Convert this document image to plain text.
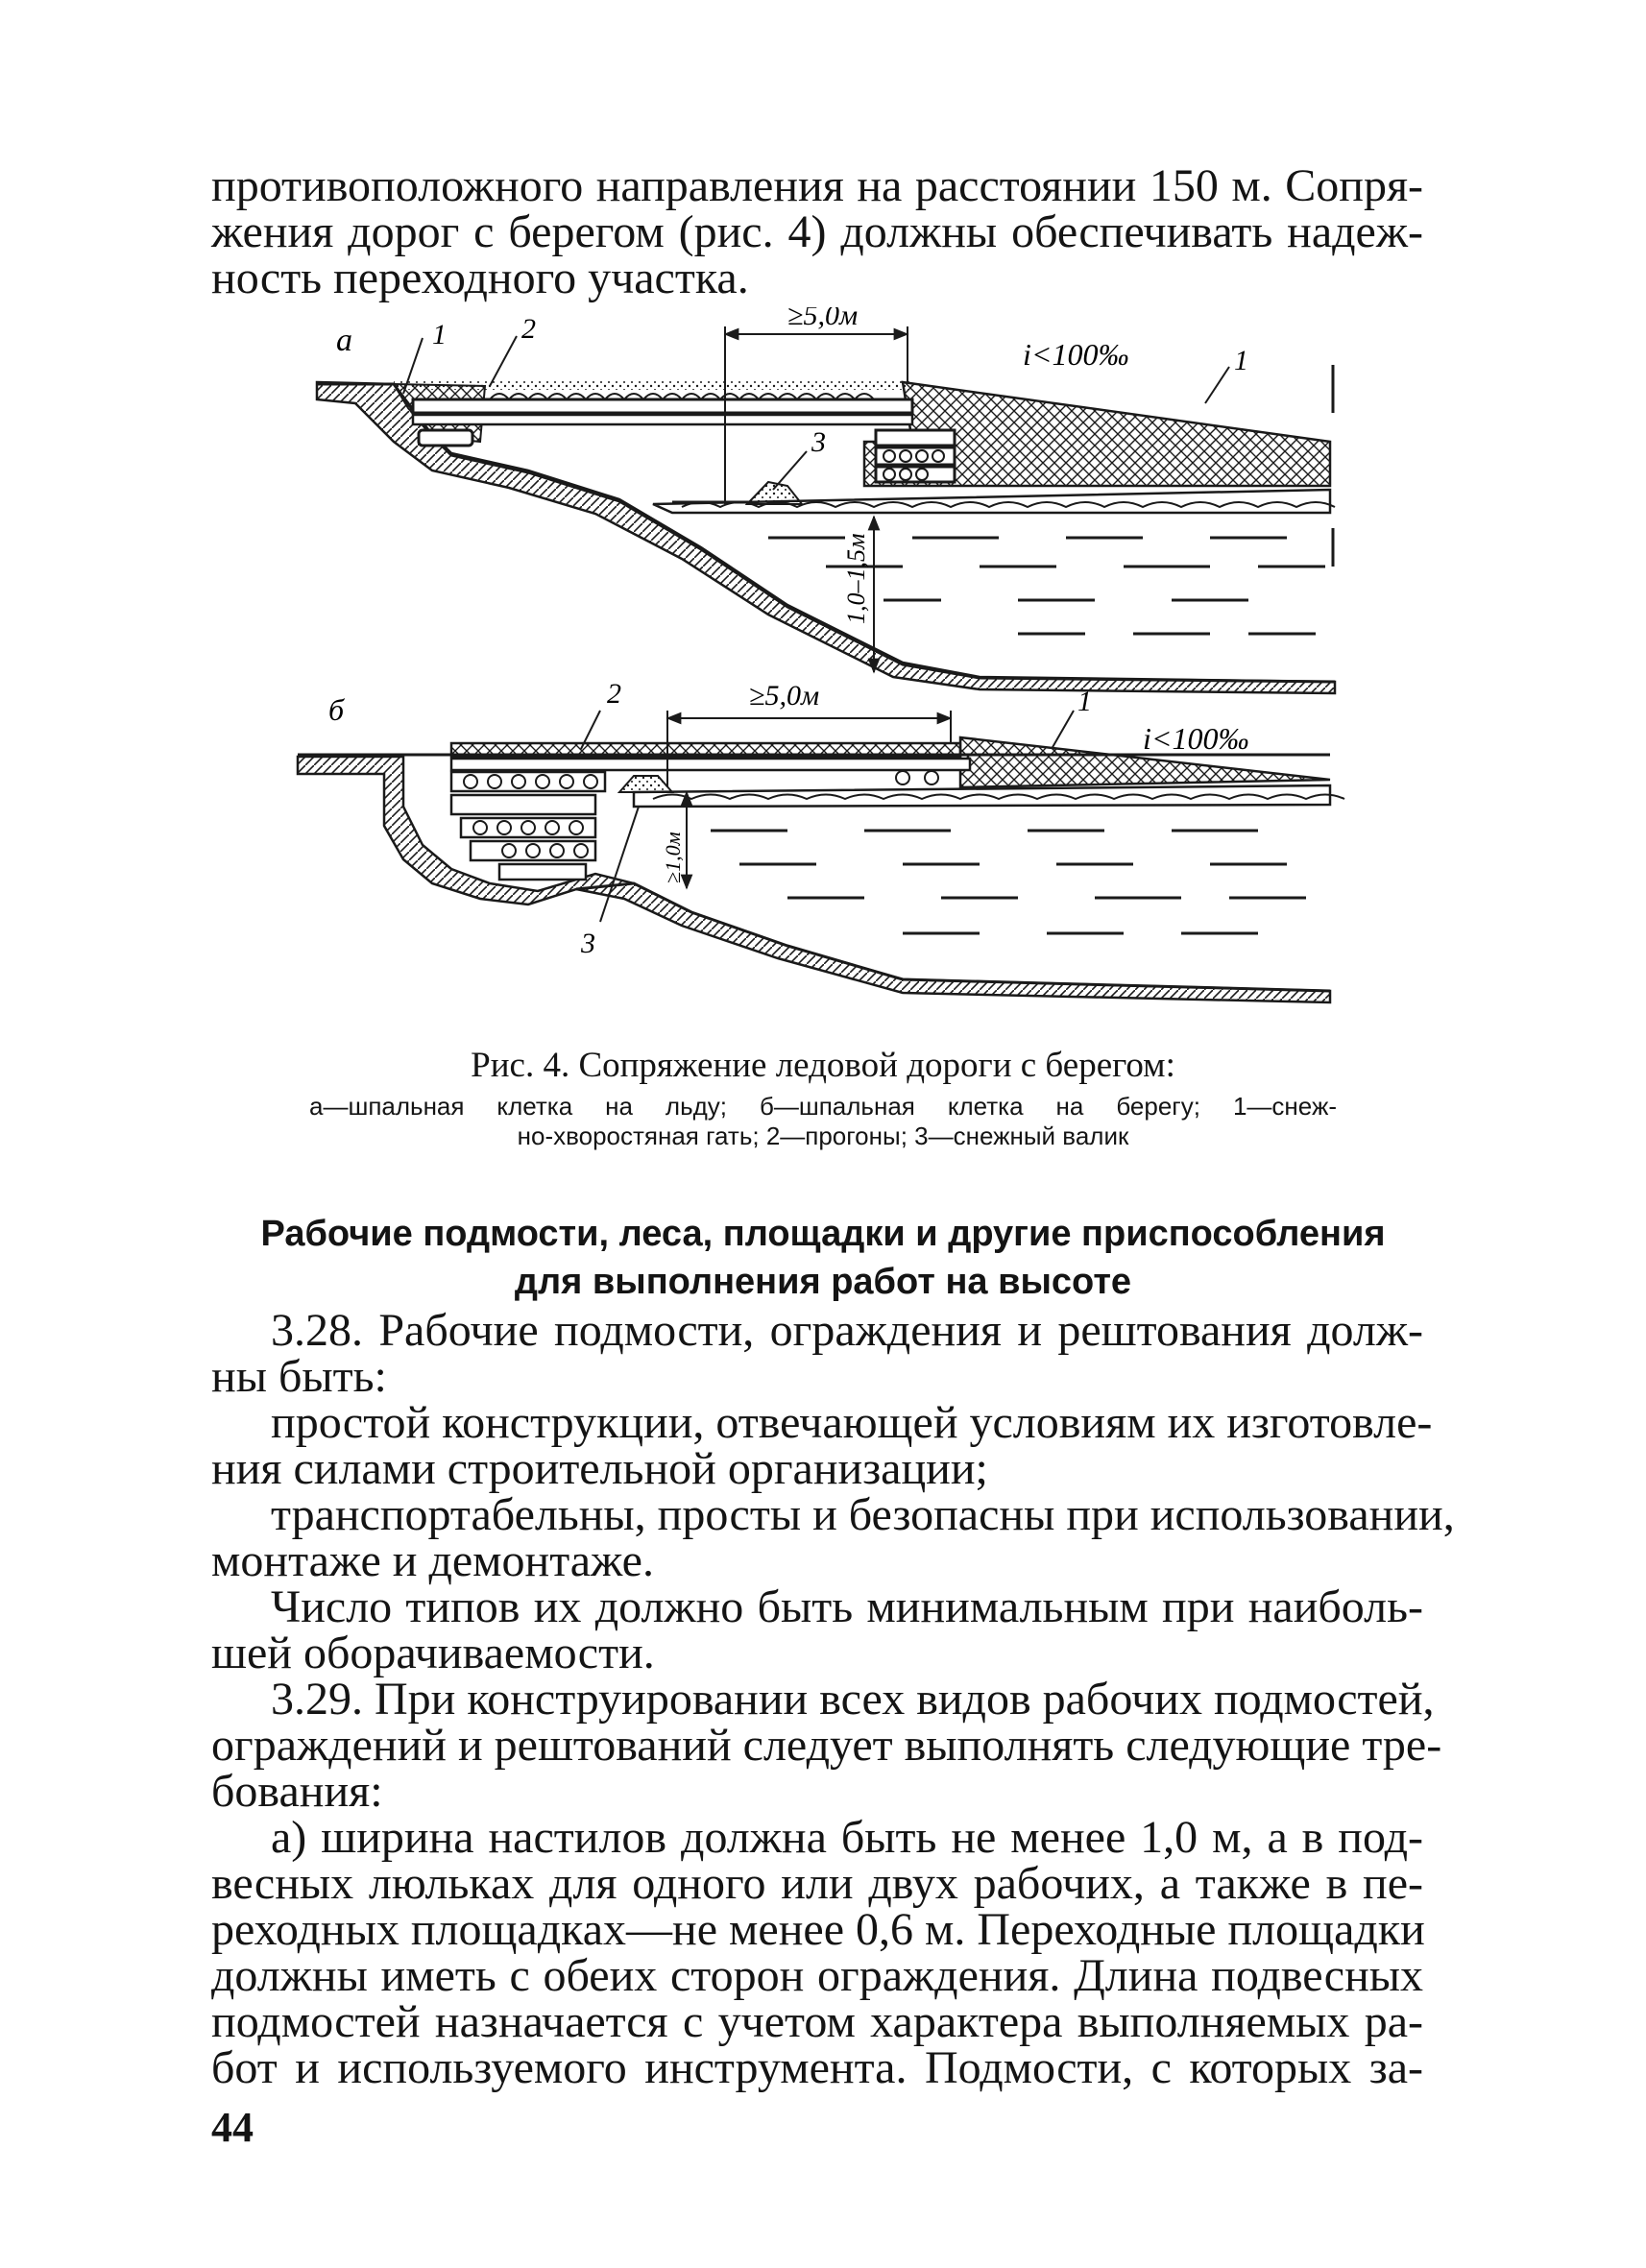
противоположного направления на расстоянии 150 м. Сопря-
жения дорог с берегом (рис. 4) должны обеспечивать надеж-
ность переходного участка.

а	1	2
3
1
≥5,0м
i<100‰
1,0–1,5м
б	2	1
3
≥5,0м
i<100‰
≥1,0м
Рис. 4. Сопряжение ледовой дороги с берегом:
а—шпальная клетка на льду; б—шпальная клетка на берегу; 1—снеж-
но-хворостяная гать; 2—прогоны; 3—снежный валик
Рабочие подмости, леса, площадки и другие приспособления
для выполнения работ на высоте

3.28. Рабочие подмости, ограждения и рештования долж-
ны быть:

простой конструкции, отвечающей условиям их изготовле-
ния силами строительной организации;

транспортабельны, просты и безопасны при использовании,
монтаже и демонтаже.

Число типов их должно быть минимальным при наиболь-
шей оборачиваемости.

3.29. При конструировании всех видов рабочих подмостей,
ограждений и рештований следует выполнять следующие тре-
бования:

а) ширина настилов должна быть не менее 1,0 м, а в под-
весных люльках для одного или двух рабочих, а также в пе-
реходных площадках—не менее 0,6 м. Переходные площадки
должны иметь с обеих сторон ограждения. Длина подвесных
подмостей назначается с учетом характера выполняемых ра-
бот и используемого инструмента. Подмости, с которых за-

44
